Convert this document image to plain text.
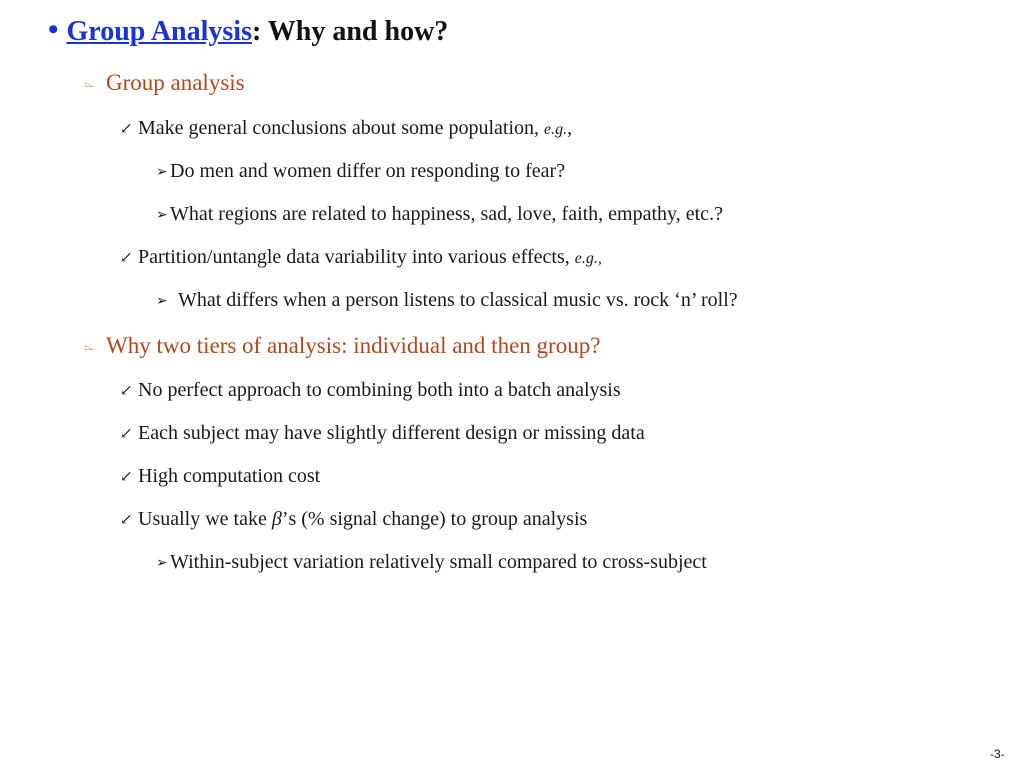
• Group Analysis: Why and how?
⌳ Group analysis
↙ Make general conclusions about some population, e.g.,
➢ Do men and women differ on responding to fear?
➢ What regions are related to happiness, sad, love, faith, empathy, etc.?
↙ Partition/untangle data variability into various effects, e.g.,
➢ What differs when a person listens to classical music vs. rock ‘n’ roll?
⌳ Why two tiers of analysis: individual and then group?
↙ No perfect approach to combining both into a batch analysis
↙ Each subject may have slightly different design or missing data
↙ High computation cost
↙ Usually we take β’s (% signal change) to group analysis
➢ Within-subject variation relatively small compared to cross-subject
-3-
